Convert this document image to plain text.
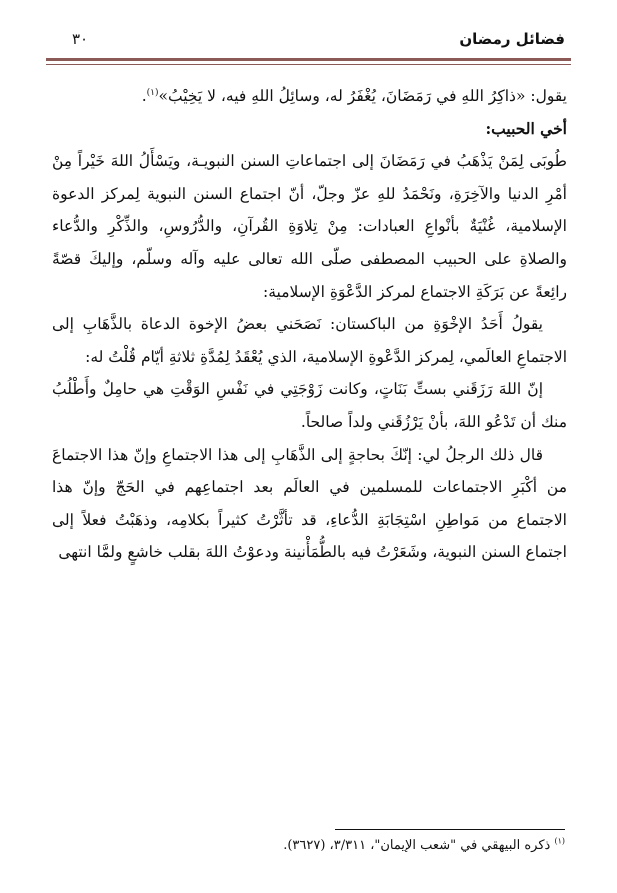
فضائل رمضان
٣٠

يقول: «ذاكِرُ اللهِ في رَمَضَانَ، يُغْفَرُ له، وسائِلُ اللهِ فيه، لا يَخِيْبُ»$^{(١)}$.

أخي الحبيب:

طُوبَى لِمَنْ يَذْهَبُ في رَمَضَانَ إلى اجتماعاتِ السنن النبويـة، ويَسْأَلُ اللهَ خَيْراً مِنْ أمْرِ الدنيا والآخِرَةِ، ونَحْمَدُ للهِ عزّ وجلّ، أنّ اجتماع السنن النبوية لِمركز الدعوة الإسلامية، غُنْيَةٌ بأنْواعِ العبادات: مِنْ تِلاوَةِ القُرآنِ، والدُّرُوسِ، والذِّكْرِ والدُّعاء والصلاةِ على الحبيب المصطفى صلّى الله تعالى عليه وآله وسلّم، وإليكَ قصّةً رائِعةً عن بَرَكَةِ الاجتماع لمركز الدَّعْوَةِ الإسلامية:

يقولُ أَحَدُ الإخْوَةِ من الباكستان: نَصَحَني بعضُ الإخوة الدعاة بالذَّهَابِ إلى الاجتماعِ العالَمي، لِمركز الدَّعْوةِ الإسلامية، الذي يُعْقَدُ لِمُدَّةِ ثلاثةِ أيّام قُلْتُ له:

إنّ اللهَ رَزَقَني بستِّ بَنَاتٍ، وكانت زَوْجَتِي في نَفْسِ الوَقْتِ هي حامِلٌ وأَطْلُبُ منك أن تَدْعُو اللهَ، بأنْ يَرْزُقَني ولداً صالحاً.

قال ذلك الرجلُ لي: إنّكَ بحاجةٍ إلى الذَّهَابِ إلى هذا الاجتماعِ وإنّ هذا الاجتماعَ من أكْبَرِ الاجتماعات للمسلمين في العالَم بعد اجتماعِهم في الحَجّ وإنّ هذا الاجتماع من مَواطِنِ اسْتِجَابَةِ الدُّعاءِ، قد تأثَّرْتُ كثيراً بكلامِه، وذهَبْتُ فعلاً إلى اجتماع السنن النبوية، وشَعَرْتُ فيه بالطُّمَأْنينة ودعوْتُ اللهَ بقلب خاشعٍ ولمَّا انتهى

$^{(١)}$ ذكره البيهقي في "شعب الإيمان"، ٣/٣١١، (٣٦٢٧).
